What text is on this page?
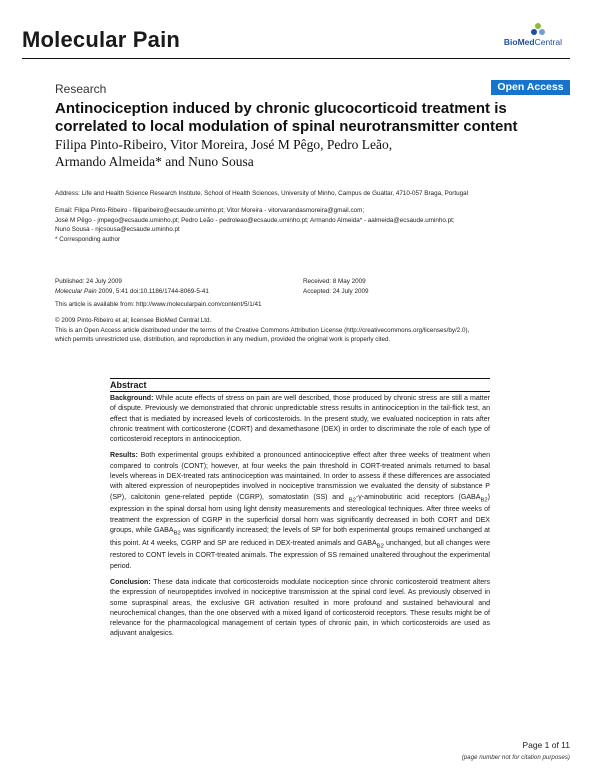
Molecular Pain	BioMedCentral
Research	Open Access
Antinociception induced by chronic glucocorticoid treatment is correlated to local modulation of spinal neurotransmitter content
Filipa Pinto-Ribeiro, Vitor Moreira, José M Pêgo, Pedro Leão,
Armando Almeida* and Nuno Sousa
Address: Life and Health Science Research Institute, School of Health Sciences, University of Minho, Campus de Gualtar, 4710-057 Braga, Portugal
Email: Filipa Pinto-Ribeiro - filiparibeiro@ecsaude.uminho.pt; Vitor Moreira - vitorvarandasmoreira@gmail.com;
José M Pêgo - jmpego@ecsaude.uminho.pt; Pedro Leão - pedroleao@ecsaude.uminho.pt; Armando Almeida* - aalmeida@ecsaude.uminho.pt;
Nuno Sousa - njcsousa@ecsaude.uminho.pt
* Corresponding author
Published: 24 July 2009
Molecular Pain 2009, 5:41 doi:10.1186/1744-8069-5-41
Received: 8 May 2009
Accepted: 24 July 2009
This article is available from: http://www.molecularpain.com/content/5/1/41
© 2009 Pinto-Ribeiro et al; licensee BioMed Central Ltd.
This is an Open Access article distributed under the terms of the Creative Commons Attribution License (http://creativecommons.org/licenses/by/2.0),
which permits unrestricted use, distribution, and reproduction in any medium, provided the original work is properly cited.
Abstract
Background: While acute effects of stress on pain are well described, those produced by chronic stress are still a matter of dispute. Previously we demonstrated that chronic unpredictable stress results in antinociception in the tail-flick test, an effect that is mediated by increased levels of corticosteroids. In the present study, we evaluated nociception in rats after chronic treatment with corticosterone (CORT) and dexamethasone (DEX) in order to discriminate the role of each type of corticosteroid receptors in antinociception.
Results: Both experimental groups exhibited a pronounced antinociceptive effect after three weeks of treatment when compared to controls (CONT); however, at four weeks the pain threshold in CORT-treated animals returned to basal levels whereas in DEX-treated rats antinociception was maintained. In order to assess if these differences are associated with altered expression of neuropeptides involved in nociceptive transmission we evaluated the density of substance P (SP), calcitonin gene-related peptide (CGRP), somatostatin (SS) and $_{B2}$-γ-aminobutiric acid receptors $(GABA_{B2})$ expression in the spinal dorsal horn using light density measurements and stereological techniques. After three weeks of treatment the expression of CGRP in the superficial dorsal horn was significantly decreased in both CORT and DEX groups, while $GABA_{B2}$ was significantly increased; the levels of SP for both experimental groups remained unchanged at this point. At 4 weeks, CGRP and SP are reduced in DEX-treated animals and $GABA_{B2}$ unchanged, but all changes were restored to CONT levels in CORT-treated animals. The expression of SS remained unaltered throughout the experimental period.
Conclusion: These data indicate that corticosteroids modulate nociception since chronic corticosteroid treatment alters the expression of neuropeptides involved in nociceptive transmission at the spinal cord level. As previously observed in some supraspinal areas, the exclusive GR activation resulted in more profound and sustained behavioural and neurochemical changes, than the one observed with a mixed ligand of corticosteroid receptors. These results might be of relevance for the pharmacological management of certain types of chronic pain, in which corticosteroids are used as adjuvant analgesics.
Page 1 of 11
(page number not for citation purposes)
